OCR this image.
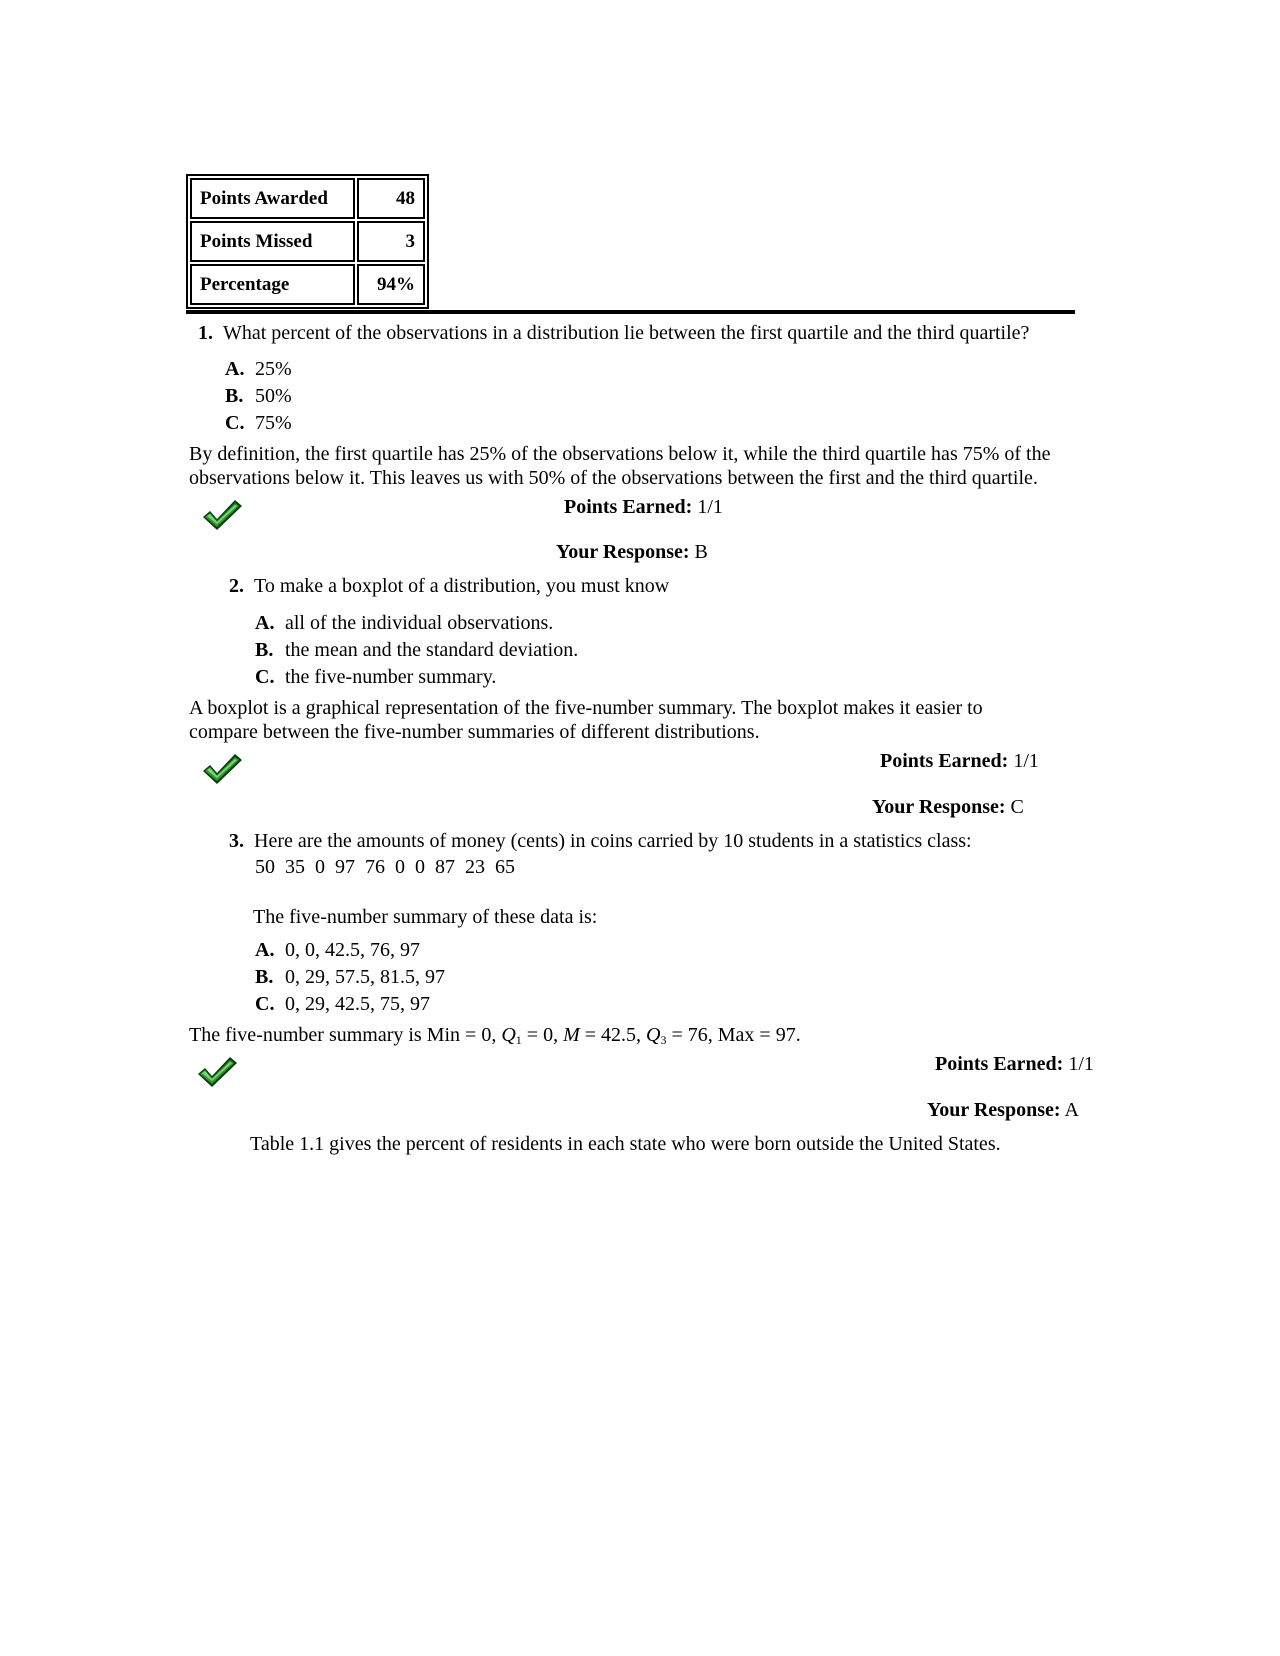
Points Awarded	48
Points Missed	3
Percentage	94%
1. What percent of the observations in a distribution lie between the first quartile and the third quartile?
A. 25%
B. 50%
C. 75%
By definition, the first quartile has 25% of the observations below it, while the third quartile has 75% of the
observations below it. This leaves us with 50% of the observations between the first and the third quartile.
Points Earned: 1/1
Your Response: B
2. To make a boxplot of a distribution, you must know
A. all of the individual observations.
B. the mean and the standard deviation.
C. the five-number summary.
A boxplot is a graphical representation of the five-number summary. The boxplot makes it easier to
compare between the five-number summaries of different distributions.
Points Earned: 1/1
Your Response: C
3. Here are the amounts of money (cents) in coins carried by 10 students in a statistics class:
50  35  0  97  76  0  0  87  23  65
The five-number summary of these data is:
A. 0, 0, 42.5, 76, 97
B. 0, 29, 57.5, 81.5, 97
C. 0, 29, 42.5, 75, 97
The five-number summary is Min = 0, $Q_1 = 0$, M = 42.5, $Q_3 = 76$, Max = 97.
Points Earned: 1/1
Your Response: A
Table 1.1 gives the percent of residents in each state who were born outside the United States.
